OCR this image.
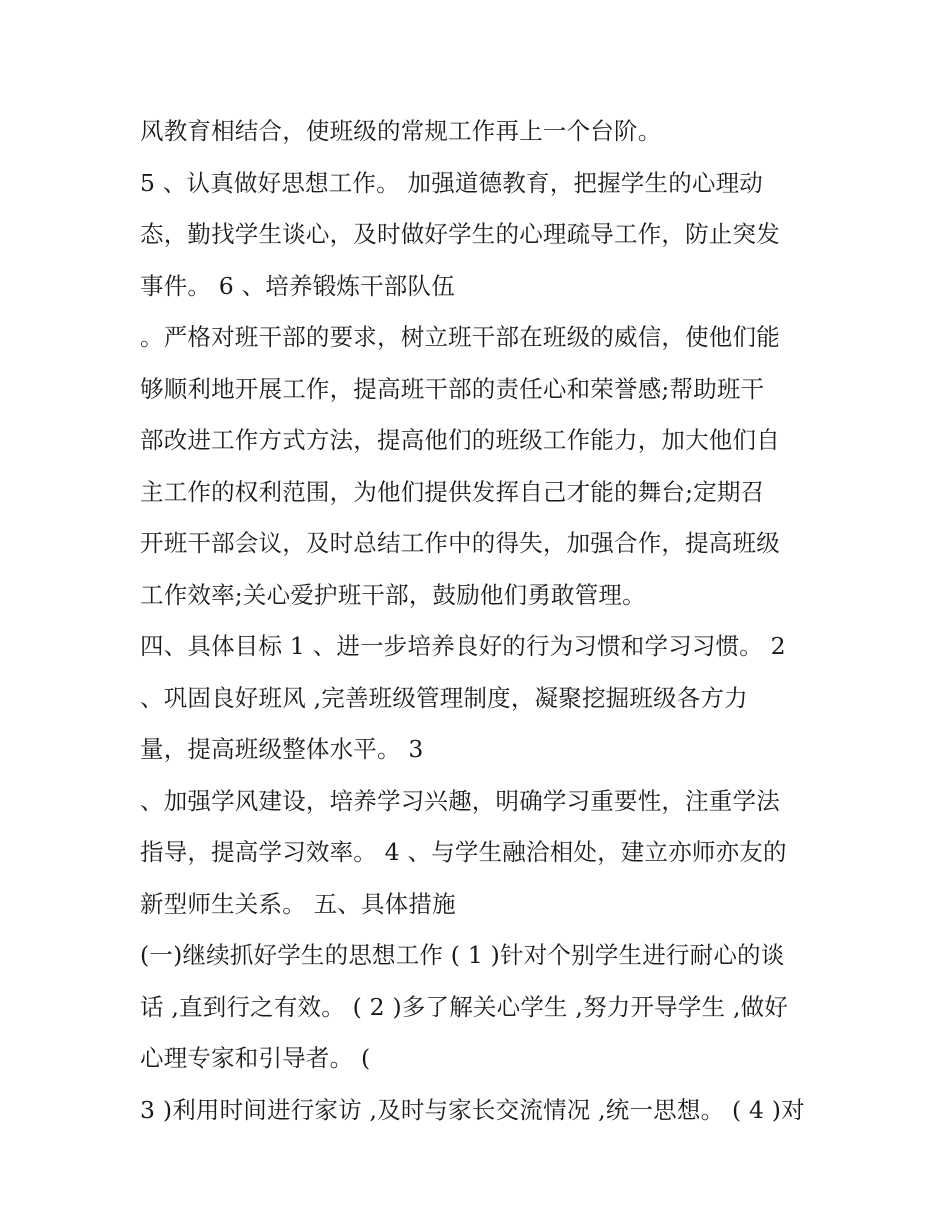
风教育相结合，使班级的常规工作再上一个台阶。
5 、认真做好思想工作。 加强道德教育，把握学生的心理动
态，勤找学生谈心，及时做好学生的心理疏导工作，防止突发
事件。 6 、培养锻炼干部队伍
。严格对班干部的要求，树立班干部在班级的威信，使他们能
够顺利地开展工作，提高班干部的责任心和荣誉感;帮助班干
部改进工作方式方法，提高他们的班级工作能力，加大他们自
主工作的权利范围，为他们提供发挥自己才能的舞台;定期召
开班干部会议，及时总结工作中的得失，加强合作，提高班级
工作效率;关心爱护班干部，鼓励他们勇敢管理。
四、具体目标 1 、进一步培养良好的行为习惯和学习习惯。 2
、巩固良好班风 ,完善班级管理制度，凝聚挖掘班级各方力
量，提高班级整体水平。 3
、加强学风建设，培养学习兴趣，明确学习重要性，注重学法
指导，提高学习效率。 4 、与学生融洽相处，建立亦师亦友的
新型师生关系。 五、具体措施
(一)继续抓好学生的思想工作 ( 1 )针对个别学生进行耐心的谈
话 ,直到行之有效。 ( 2 )多了解关心学生 ,努力开导学生 ,做好
心理专家和引导者。 (
3 )利用时间进行家访 ,及时与家长交流情况 ,统一思想。 ( 4 )对
